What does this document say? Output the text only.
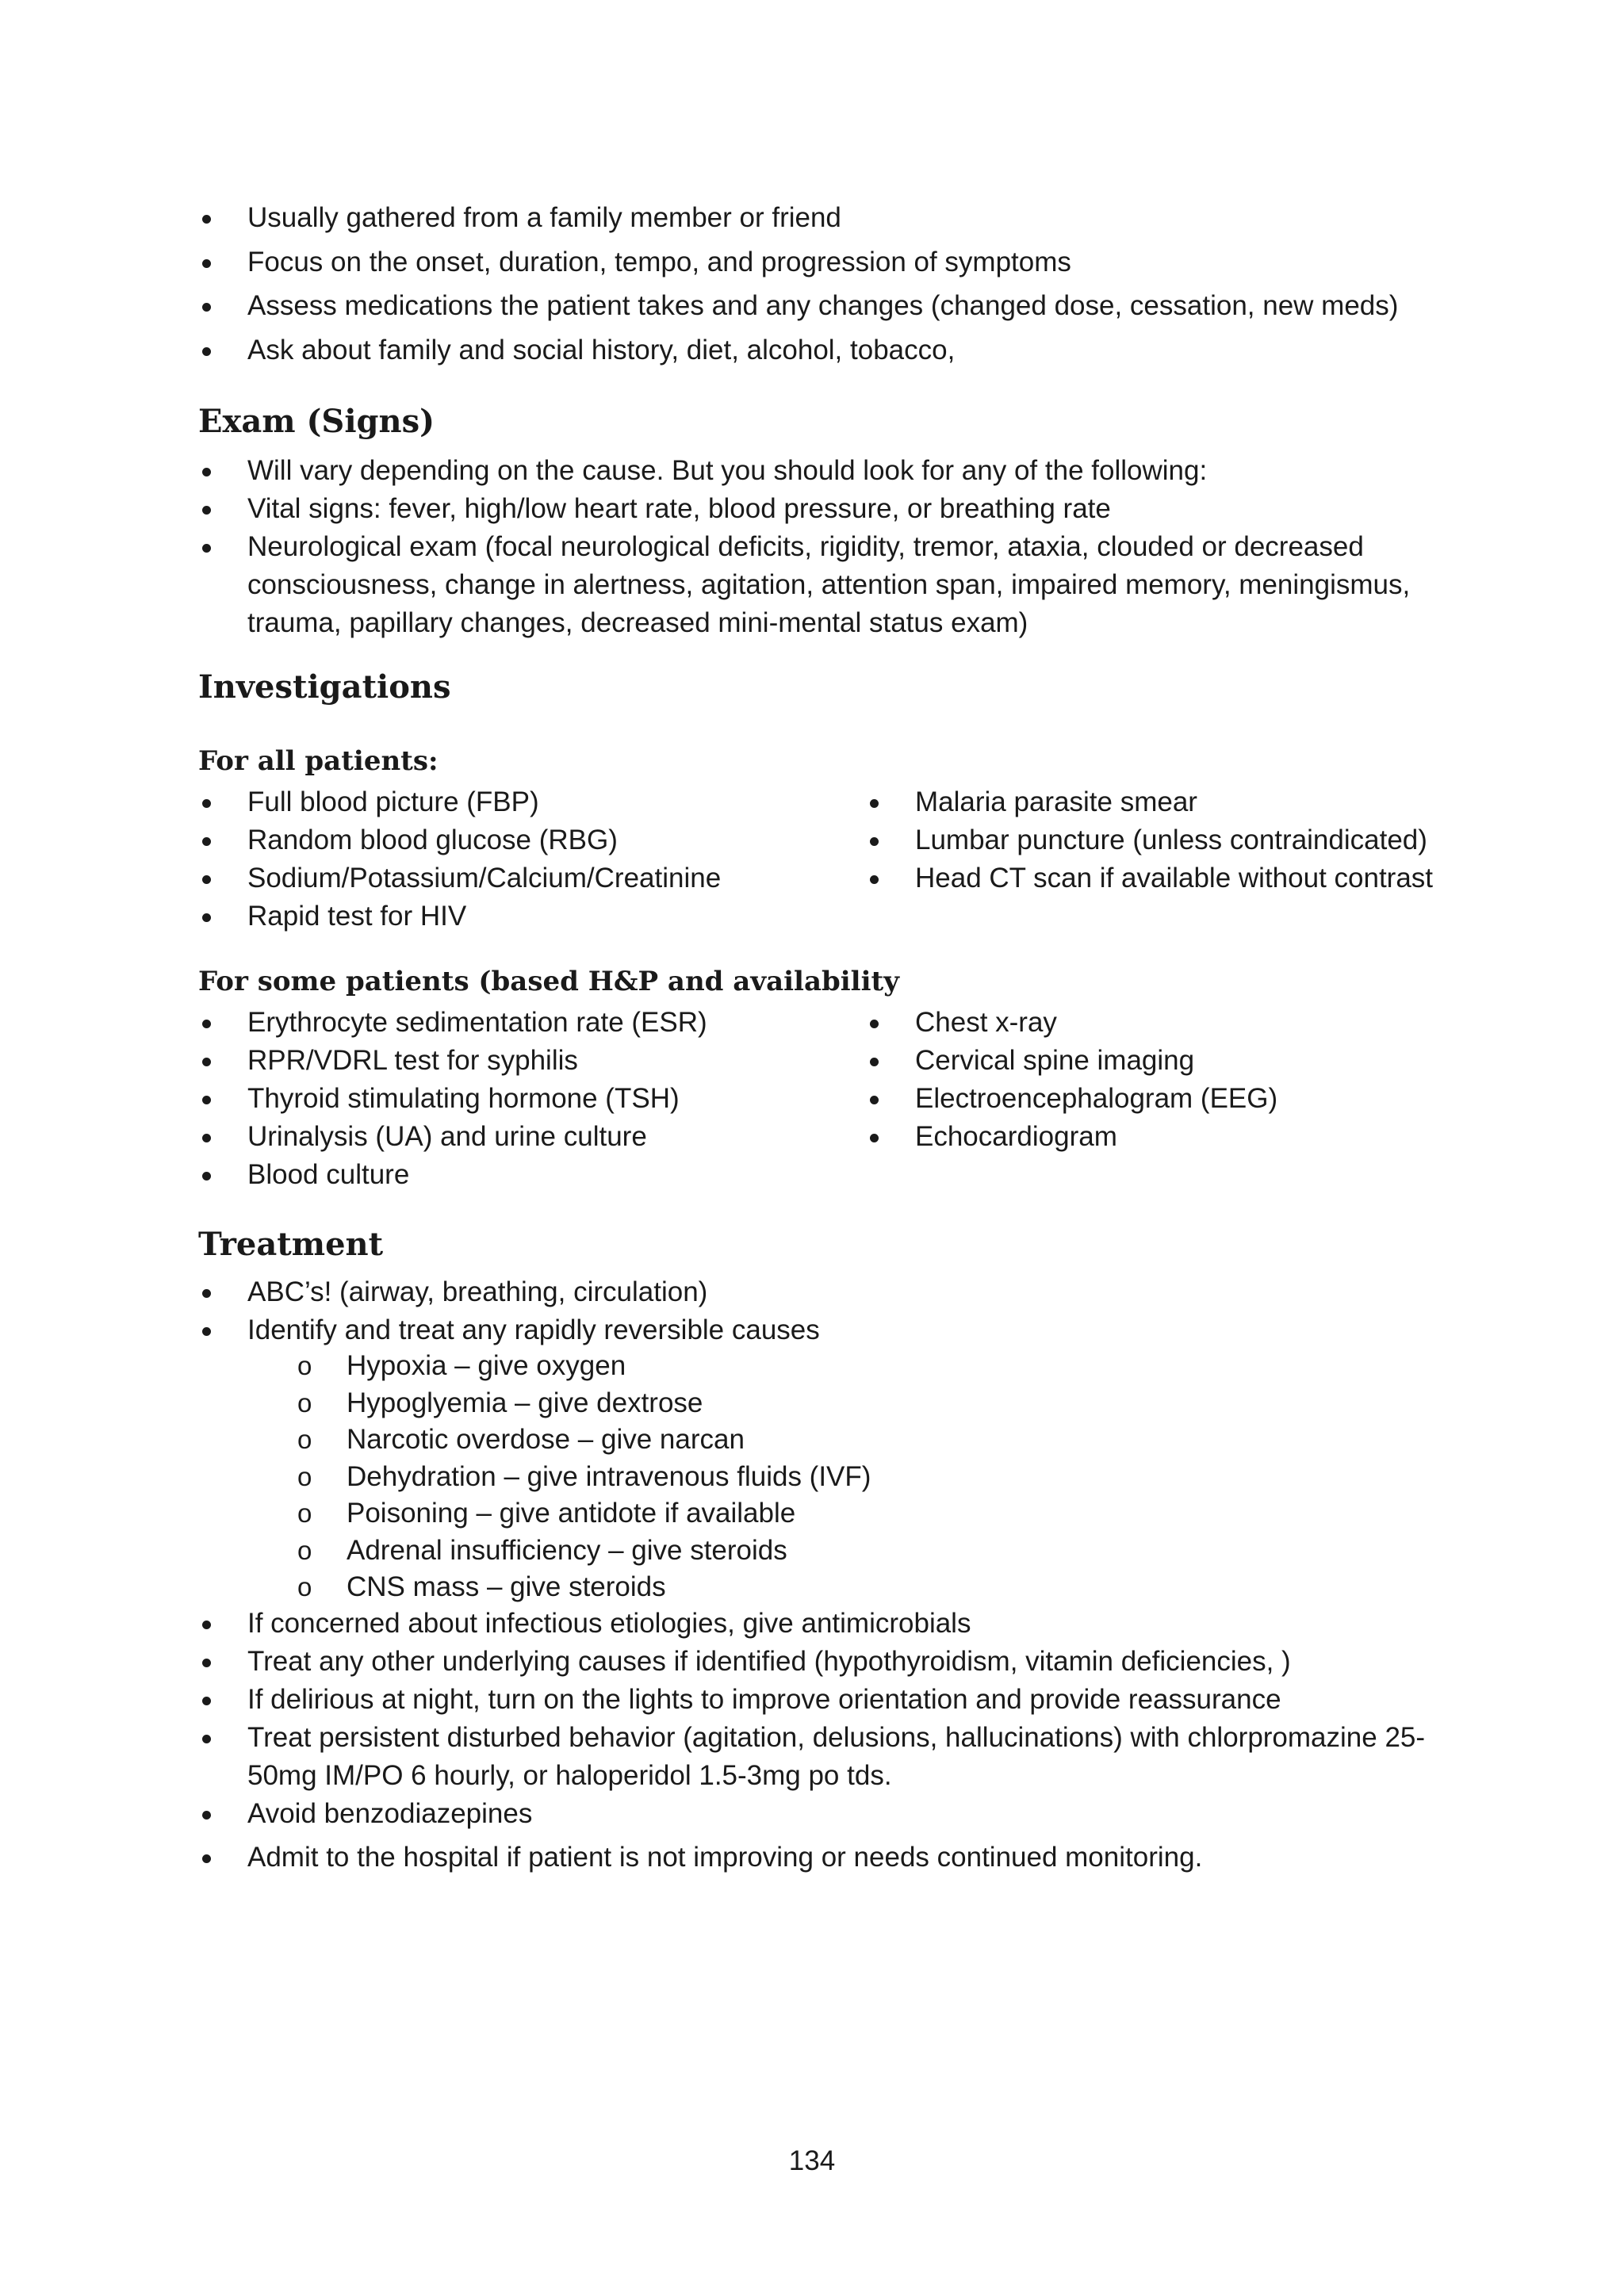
Usually gathered from a family member or friend
Focus on the onset, duration, tempo, and progression of symptoms
Assess medications the patient takes and any changes (changed dose, cessation, new meds)
Ask about family and social history, diet, alcohol, tobacco,
Exam (Signs)
Will vary depending on the cause. But you should look for any of the following:
Vital signs: fever, high/low heart rate, blood pressure, or breathing rate
Neurological exam (focal neurological deficits, rigidity, tremor, ataxia, clouded or decreased consciousness, change in alertness, agitation, attention span, impaired memory, meningismus, trauma, papillary changes, decreased mini-mental status exam)
Investigations
For all patients:
Full blood picture (FBP)
Random blood glucose (RBG)
Sodium/Potassium/Calcium/Creatinine
Rapid test for HIV
Malaria parasite smear
Lumbar puncture (unless contraindicated)
Head CT scan if available without contrast
For some patients (based H&P and availability
Erythrocyte sedimentation rate (ESR)
RPR/VDRL test for syphilis
Thyroid stimulating hormone (TSH)
Urinalysis (UA) and urine culture
Blood culture
Chest x-ray
Cervical spine imaging
Electroencephalogram (EEG)
Echocardiogram
Treatment
ABC’s! (airway, breathing, circulation)
Identify and treat any rapidly reversible causes
o Hypoxia – give oxygen
o Hypoglyemia – give dextrose
o Narcotic overdose – give narcan
o Dehydration – give intravenous fluids (IVF)
o Poisoning – give antidote if available
o Adrenal insufficiency – give steroids
o CNS mass – give steroids
If concerned about infectious etiologies, give antimicrobials
Treat any other underlying causes if identified (hypothyroidism, vitamin deficiencies, )
If delirious at night, turn on the lights to improve orientation and provide reassurance
Treat persistent disturbed behavior (agitation, delusions, hallucinations) with chlorpromazine 25-50mg IM/PO 6 hourly, or haloperidol 1.5-3mg po tds.
Avoid benzodiazepines
Admit to the hospital if patient is not improving or needs continued monitoring.
134
